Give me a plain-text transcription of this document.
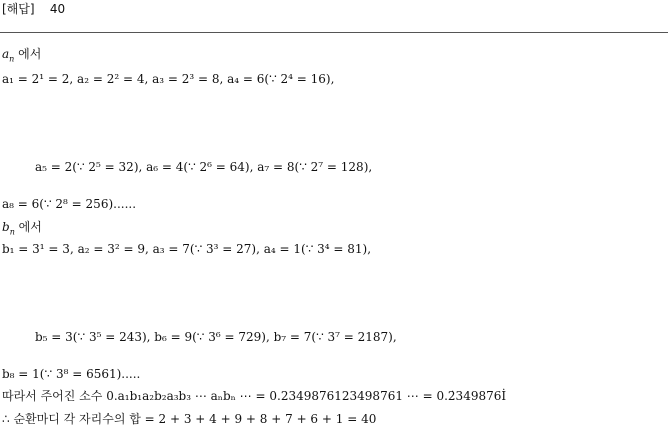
[해답] 40
$a_n$ 에서
a₁ = 2¹ = 2, a₂ = 2² = 4, a₃ = 2³ = 8, a₄ = 6(∵ 2⁴ = 16),
a₅ = 2(∵ 2⁵ = 32), a₆ = 4(∵ 2⁶ = 64), a₇ = 8(∵ 2⁷ = 128),
a₈ = 6(∵ 2⁸ = 256)......
$b_n$ 에서
b₁ = 3¹ = 3, a₂ = 3² = 9, a₃ = 7(∵ 3³ = 27), a₄ = 1(∵ 3⁴ = 81),
b₅ = 3(∵ 3⁵ = 243), b₆ = 9(∵ 3⁶ = 729), b₇ = 7(∵ 3⁷ = 2187),
b₈ = 1(∵ 3⁸ = 6561).....
따라서 주어진 소수 0.a₁b₁a₂b₂a₃b₃ ⋯ aₙbₙ ⋯ = 0.2349876123498761 ⋯ = 0.2̇349876İ
∴ 순환마디 각 자리수의 합 = 2 + 3 + 4 + 9 + 8 + 7 + 6 + 1 = 40
